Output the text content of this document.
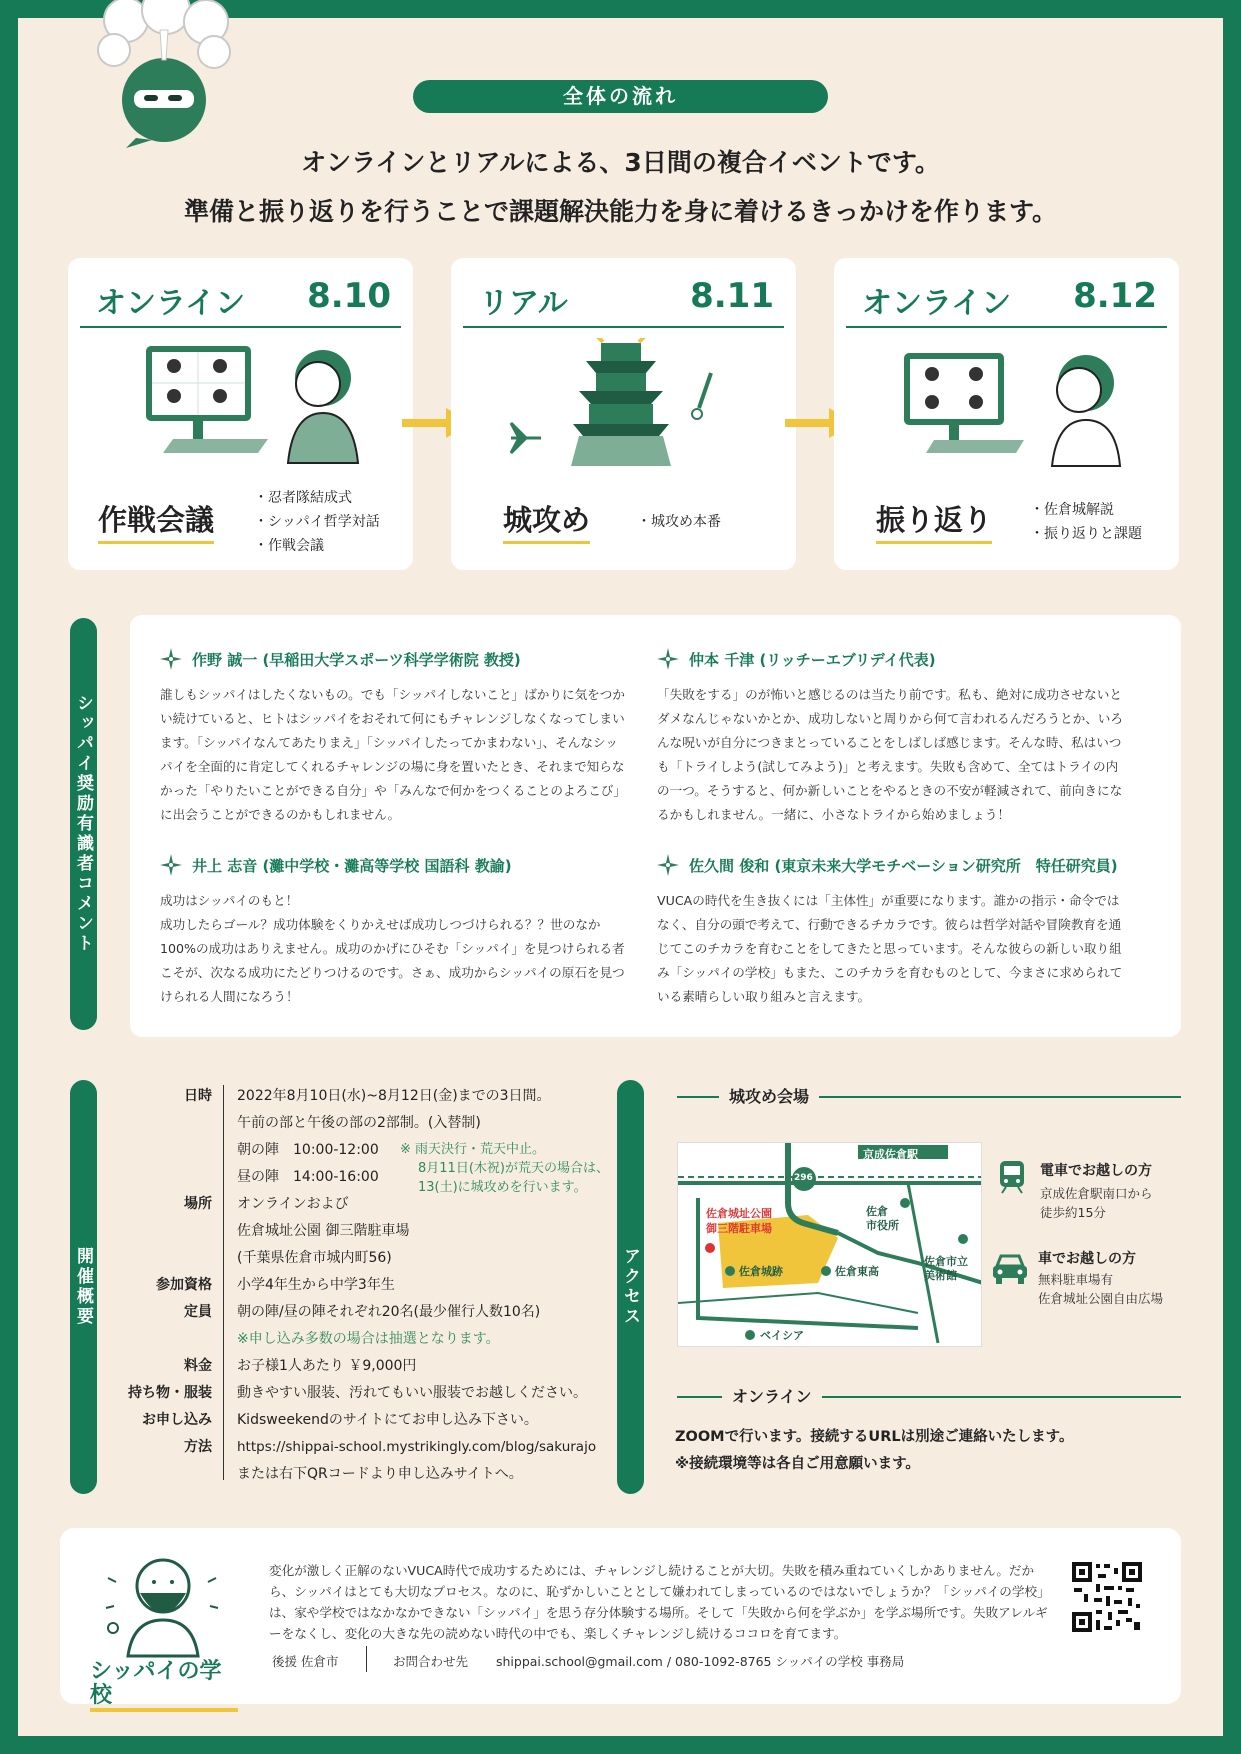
全体の流れ
オンラインとリアルによる、3日間の複合イベントです。
準備と振り返りを行うことで課題解決能力を身に着けるきっかけを作ります。
オンライン 8.10
作戦会議
・ 忍者隊結成式
・ シッパイ哲学対話
・ 作戦会議
リアル	8.11
城攻め	・ 城攻め本番
オンライン 8.12
振り返り	・ 佐倉城解説
・ 振り返りと課題
シッパイ奨励有識者コメント
作野 誠一 (早稲田大学スポーツ科学学術院 教授)
誰しもシッパイはしたくないもの。でも「シッパイしないこと」ばかりに気をつかい続けていると、ヒトはシッパイをおそれて何にもチャレンジしなくなってしまいます。「シッパイなんてあたりまえ」「シッパイしたってかまわない」、そんなシッパイを全面的に肯定してくれるチャレンジの場に身を置いたとき、それまで知らなかった「やりたいことができる自分」や「みんなで何かをつくることのよろこび」に出会うことができるのかもしれません。
仲本 千津 (リッチーエブリデイ代表)
「失敗をする」のが怖いと感じるのは当たり前です。私も、絶対に成功させないとダメなんじゃないかとか、成功しないと周りから何て言われるんだろうとか、いろんな呪いが自分につきまとっていることをしばしば感じます。そんな時、私はいつも「トライしよう(試してみよう)」と考えます。失敗も含めて、全てはトライの内の一つ。そうすると、何か新しいことをやるときの不安が軽減されて、前向きになるかもしれません。一緒に、小さなトライから始めましょう！
井上 志音 (灘中学校・灘高等学校 国語科 教諭)
成功はシッパイのもと！
成功したらゴール？成功体験をくりかえせば成功しつづけられる？？世のなか100%の成功はありえません。成功のかげにひそむ「シッパイ」を見つけられる者こそが、次なる成功にたどりつけるのです。さぁ、成功からシッパイの原石を見つけられる人間になろう！
佐久間 俊和 (東京未来大学モチベーション研究所　特任研究員)
VUCAの時代を生き抜くには「主体性」が重要になります。誰かの指示・命令ではなく、自分の頭で考えて、行動できるチカラです。彼らは哲学対話や冒険教育を通じてこのチカラを育むことをしてきたと思っています。そんな彼らの新しい取り組み「シッパイの学校」もまた、このチカラを育むものとして、今まさに求められている素晴らしい取り組みと言えます。
開催概要
日時 2022年8月10日(水)~8月12日(金)までの3日間。
午前の部と午後の部の2部制。(入替制)
朝の陣　10:00-12:00
昼の陣　14:00-16:00
※ 雨天決行・荒天中止。
8月11日(木祝)が荒天の場合は、
13(土)に城攻めを行います。
場所 オンラインおよび
佐倉城址公園 御三階駐車場
(千葉県佐倉市城内町56)
参加資格 小学4年生から中学3年生
定員 朝の陣/昼の陣それぞれ20名(最少催行人数10名)
※申し込み多数の場合は抽選となります。
料金 お子様1人あたり ￥9,000円
持ち物・服装 動きやすい服装、汚れてもいい服装でお越しください。
お申し込み Kidsweekendのサイトにてお申し込み下さい。
方法 https://shippai-school.mystrikingly.com/blog/sakurajo
または右下QRコードより申し込みサイトへ。
アクセス
城攻め会場
京成佐倉駅
296
佐倉城址公園
御三階駐車場
佐倉城跡	佐倉東高
佐倉
市役所
佐倉市立
美術館
ベイシア
電車でお越しの方
京成佐倉駅南口から
徒歩約15分
車でお越しの方
無料駐車場有
佐倉城址公園自由広場
オンライン
ZOOMで行います。接続するURLは別途ご連絡いたします。
※接続環境等は各自ご用意願います。
シッパイの学校
変化が激しく正解のないVUCA時代で成功するためには、チャレンジし続けることが大切。失敗を積み重ねていくしかありません。だから、シッパイはとても大切なプロセス。なのに、恥ずかしいこととして嫌われてしまっているのではないでしょうか？「シッパイの学校」は、家や学校ではなかなかできない「シッパイ」を思う存分体験する場所。そして「失敗から何を学ぶか」を学ぶ場所です。失敗アレルギーをなくし、変化の大きな先の読めない時代の中でも、楽しくチャレンジし続けるココロを育てます。
後援 佐倉市	お問合わせ先 shippai.school@gmail.com / 080-1092-8765 シッパイの学校 事務局
